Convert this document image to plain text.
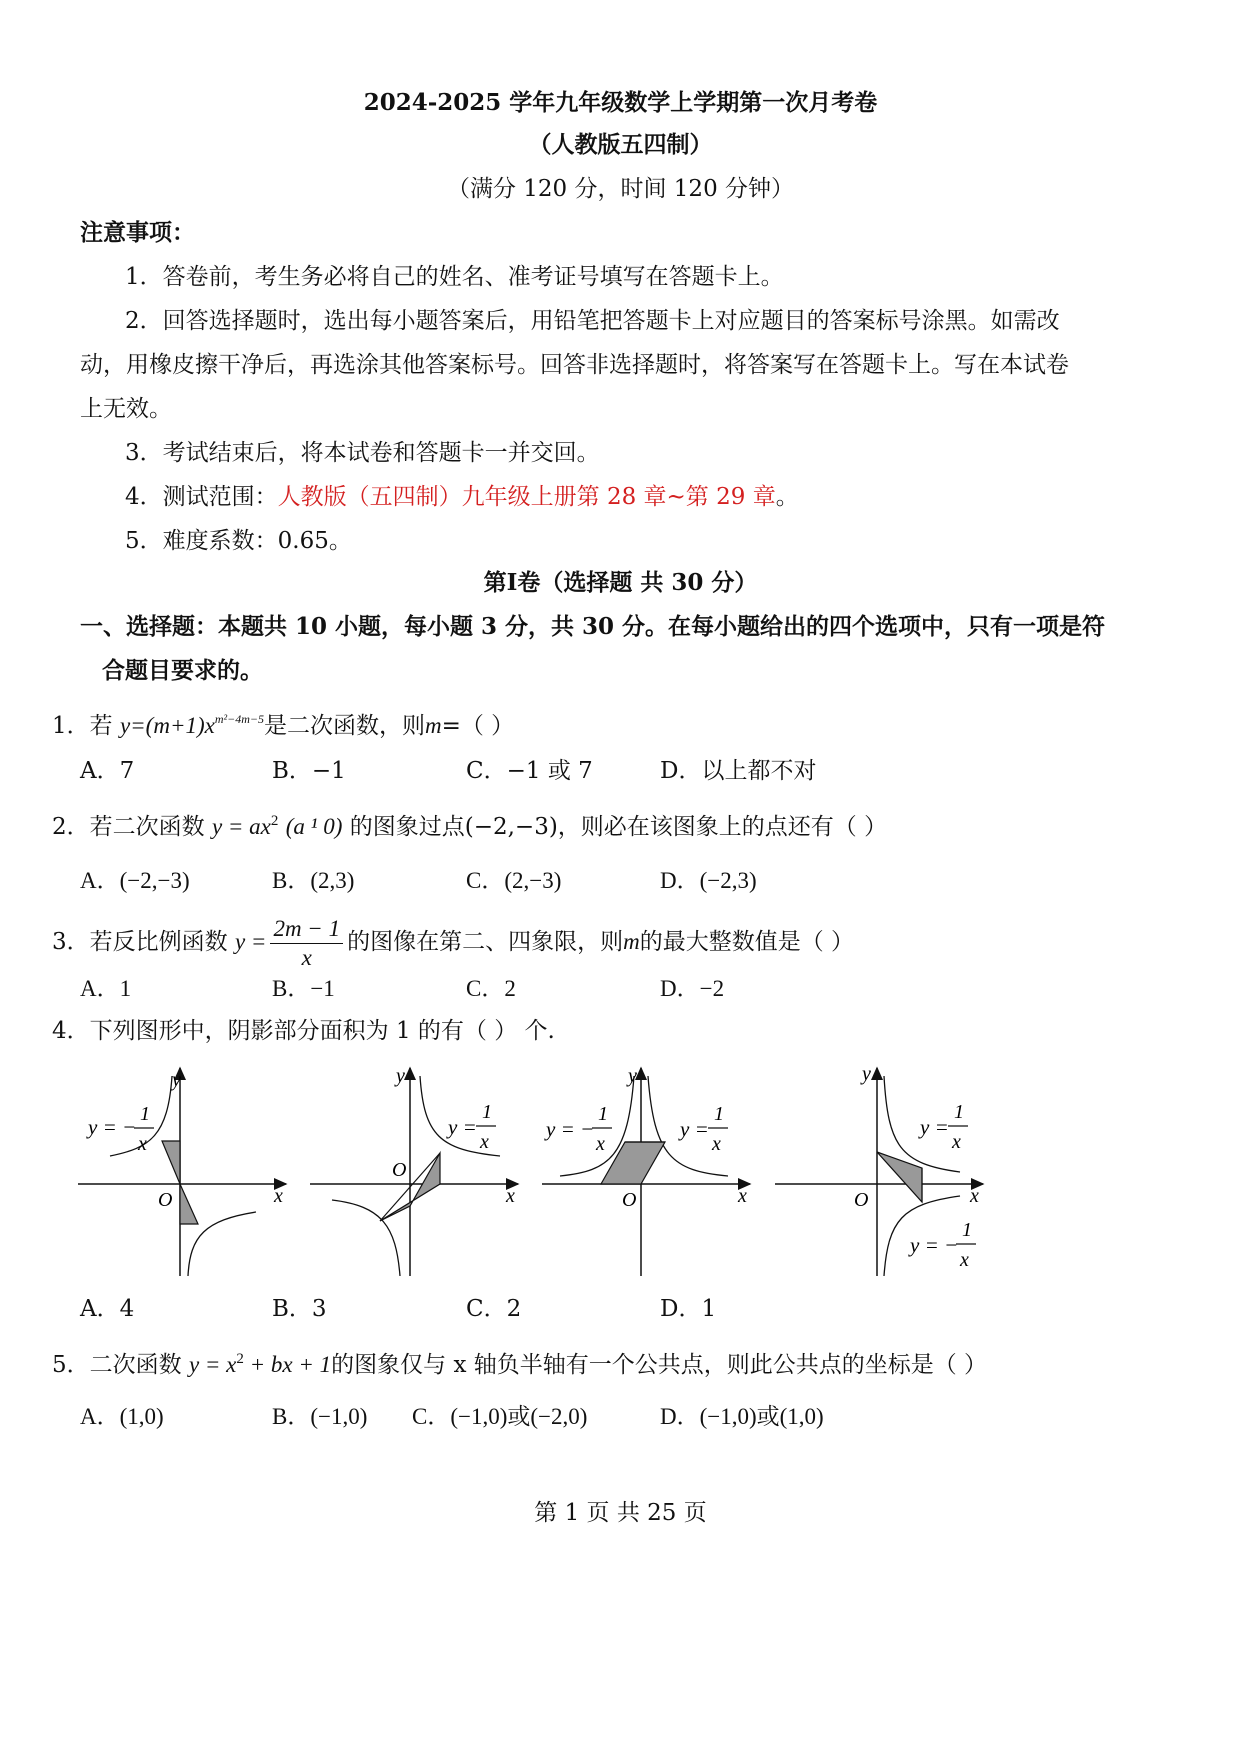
2024-2025 学年九年级数学上学期第一次月考卷
（人教版五四制）
（满分 120 分，时间 120 分钟）
注意事项：
1．答卷前，考生务必将自己的姓名、准考证号填写在答题卡上。
2．回答选择题时，选出每小题答案后，用铅笔把答题卡上对应题目的答案标号涂黑。如需改
动，用橡皮擦干净后，再选涂其他答案标号。回答非选择题时，将答案写在答题卡上。写在本试卷
上无效。
3．考试结束后，将本试卷和答题卡一并交回。
4．测试范围：人教版（五四制）九年级上册第 28 章~第 29 章。
5．难度系数：0.65。
第Ⅰ卷（选择题 共 30 分）
一、选择题：本题共 10 小题，每小题 3 分，共 30 分。在每小题给出的四个选项中，只有一项是符
合题目要求的。
1．若 $y=(m+1)x^{m^2-4m-5}$是二次函数，则m=（ ）
A．7	B．−1	C．−1 或 7	D．以上都不对
2．若二次函数 $y = ax^2$ (a ¹ 0) 的图象过点(−2,−3)，则必在该图象上的点还有（ ）
A．(−2,−3)	B．(2,3)	C．(2,−3)	D．(−2,3)
3．若反比例函数 $y = \frac{2m - 1}{x}$ 的图像在第二、四象限，则m的最大整数值是（ ）
A．1	B．−1	C．2	D．−2
4．下列图形中，阴影部分面积为 1 的有（ ） 个.
y
x
O
y = −
1
x
y
x
O
y =
1
x
y
x
O
y = −
1
x
y =
1
x
y
x
O
y =
1
x
y = −
1
x
A．4	B．3	C．2	D．1
5．二次函数 $y = x^2$ + bx + 1的图象仅与 x 轴负半轴有一个公共点，则此公共点的坐标是（ ）
A．(1,0)	B．(−1,0) C．(−1,0)或(−2,0)	D．(−1,0)或(1,0)
第 1 页 共 25 页
